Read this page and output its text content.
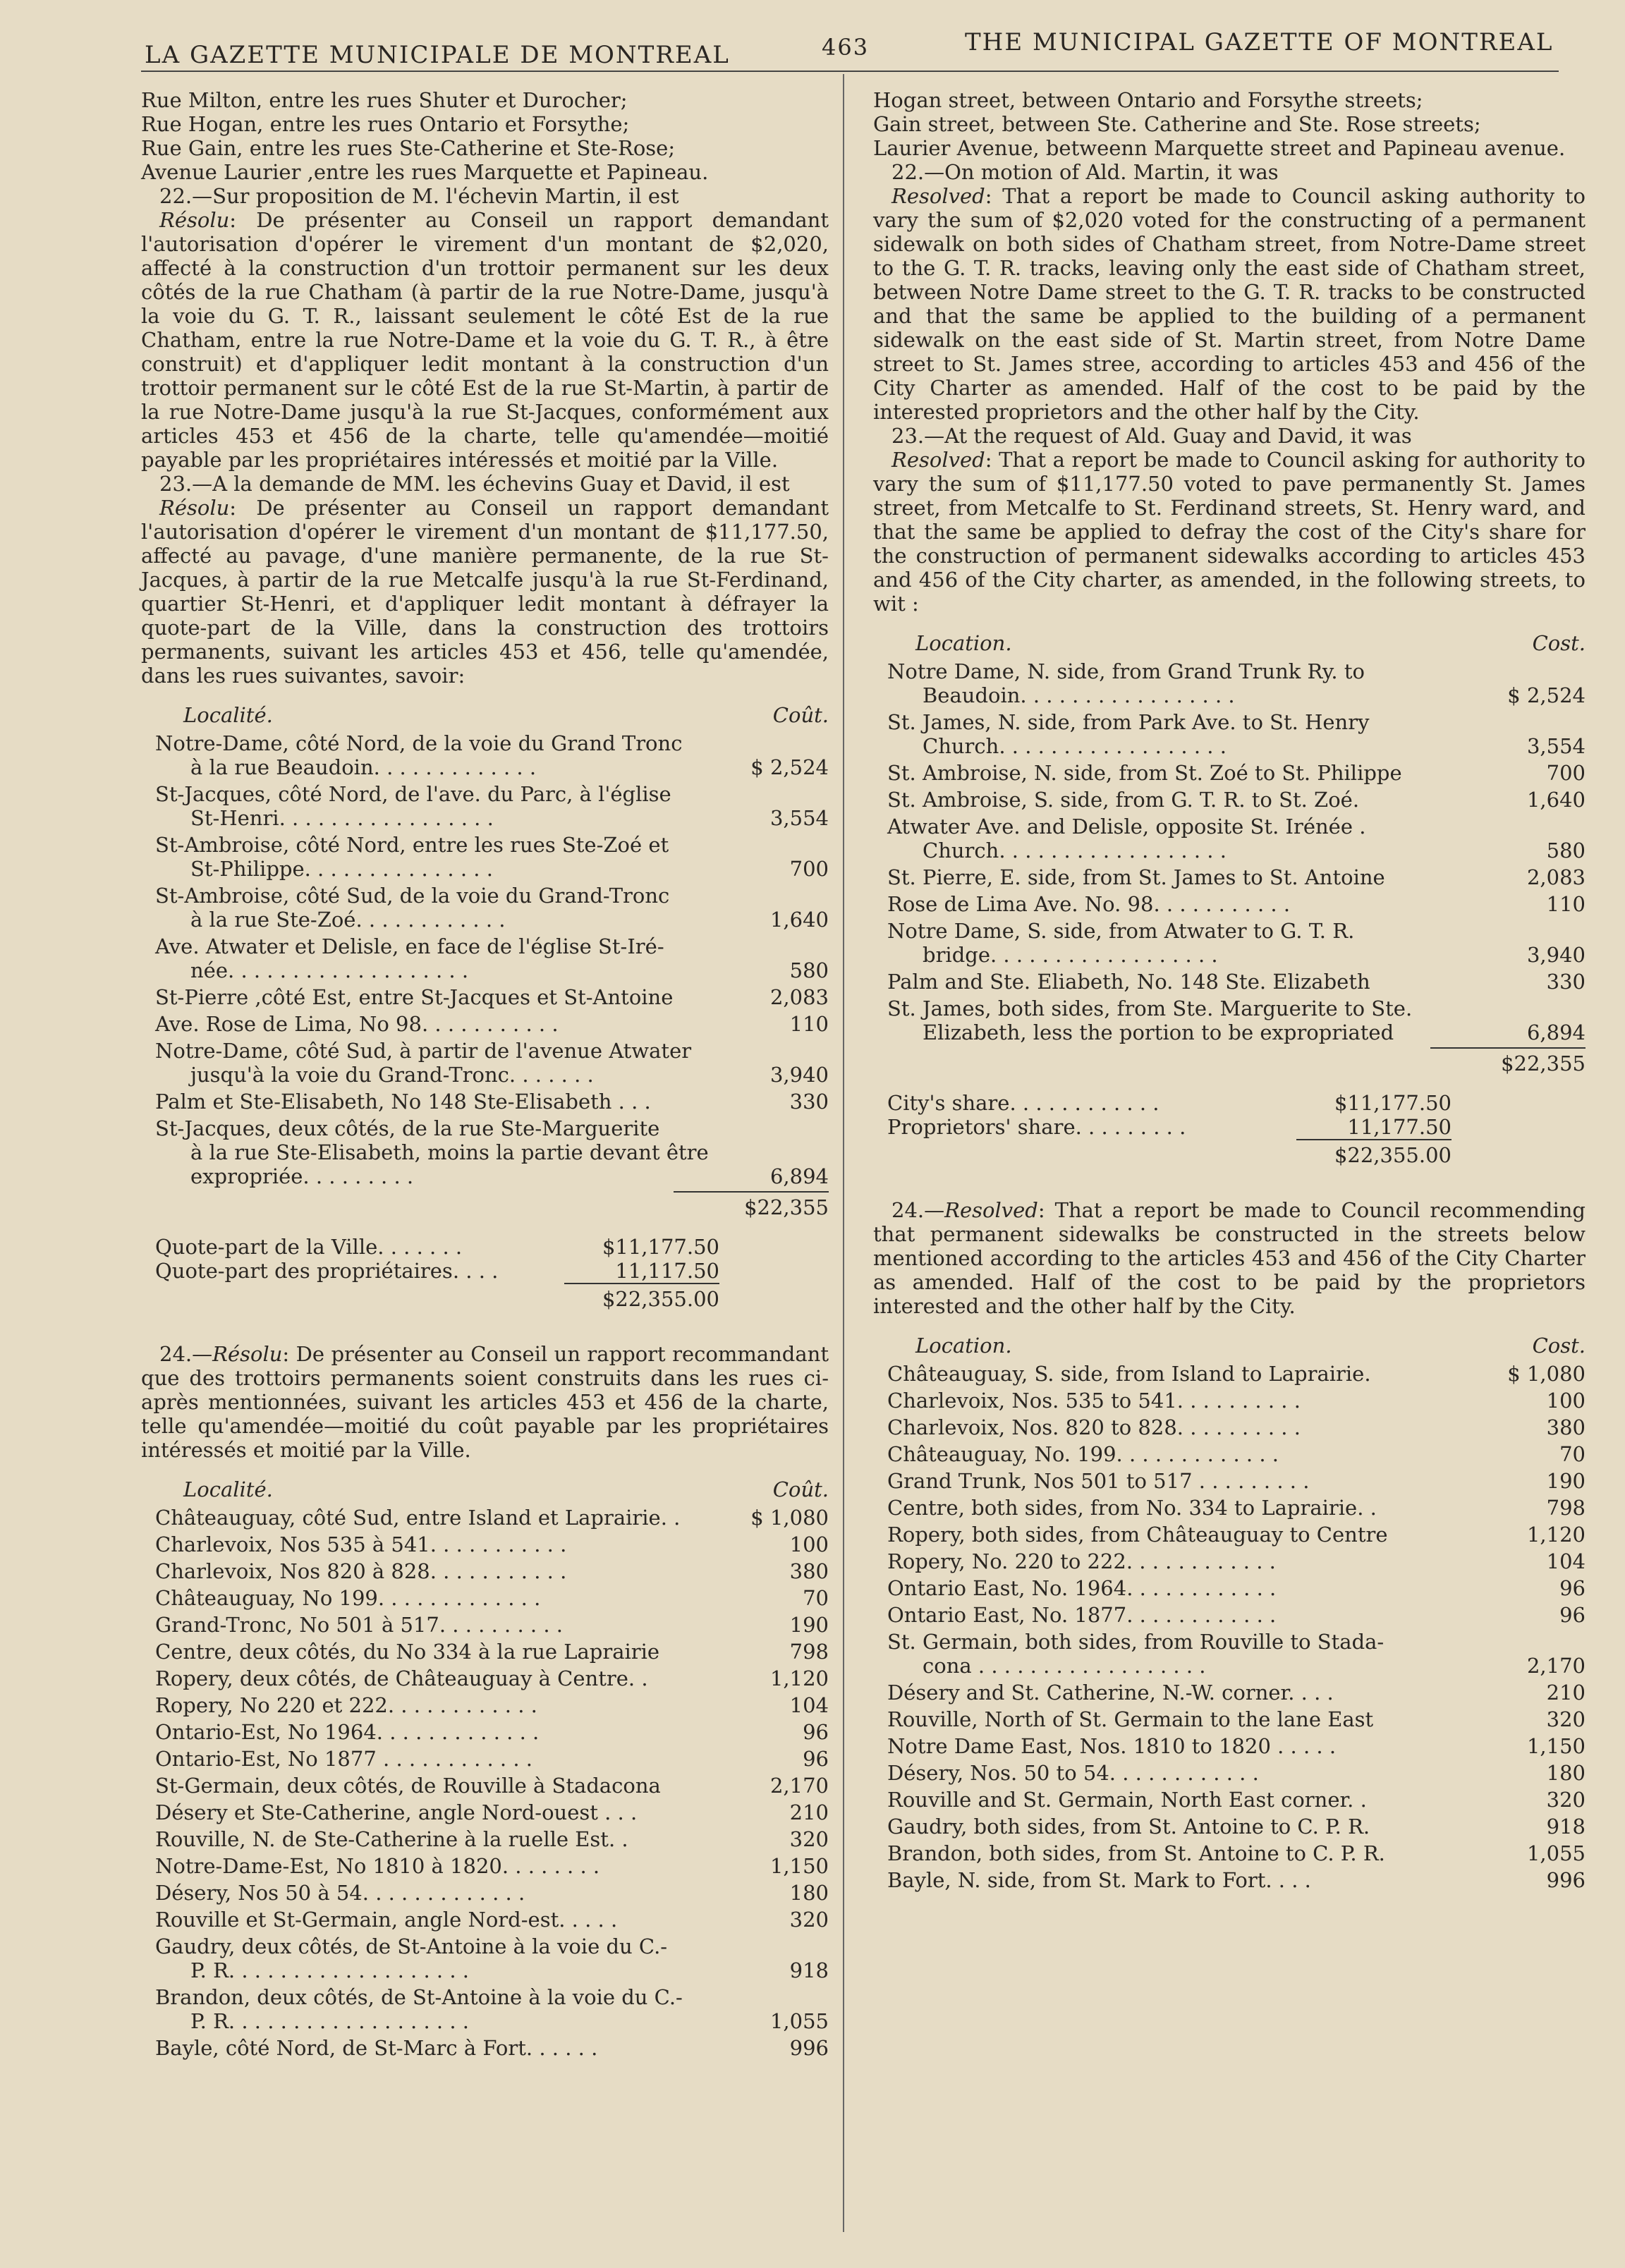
LA GAZETTE MUNICIPALE DE MONTREAL	463	THE MUNICIPAL GAZETTE OF MONTREAL

Rue Milton, entre les rues Shuter et Durocher;

Rue Hogan, entre les rues Ontario et Forsythe;

Rue Gain, entre les rues Ste-Catherine et Ste-Rose;

Avenue Laurier ,entre les rues Marquette et Papineau.

22.—Sur proposition de M. l'échevin Martin, il est

Résolu: De présenter au Conseil un rapport demandant l'autorisation d'opérer le virement d'un montant de $2,020, affecté à la construction d'un trottoir permanent sur les deux côtés de la rue Chatham (à partir de la rue Notre-Dame, jusqu'à la voie du G. T. R., laissant seulement le côté Est de la rue Chatham, entre la rue Notre-Dame et la voie du G. T. R., à être construit) et d'appliquer ledit montant à la construction d'un trottoir permanent sur le côté Est de la rue St-Martin, à partir de la rue Notre-Dame jusqu'à la rue St-Jacques, conformément aux articles 453 et 456 de la charte, telle qu'amendée—moitié payable par les propriétaires intéressés et moitié par la Ville.

23.—A la demande de MM. les échevins Guay et David, il est

Résolu: De présenter au Conseil un rapport demandant l'autorisation d'opérer le virement d'un montant de $11,177.50, affecté au pavage, d'une manière permanente, de la rue St-Jacques, à partir de la rue Metcalfe jusqu'à la rue St-Ferdinand, quartier St-Henri, et d'appliquer ledit montant à défrayer la quote-part de la Ville, dans la construction des trottoirs permanents, suivant les articles 453 et 456, telle qu'amendée, dans les rues suivantes, savoir:

Localité.	Coût.
Notre-Dame, côté Nord, de la voie du Grand Tronc
à la rue Beaudoin. . . . . . . . . . . . .	$ 2,524
St-Jacques, côté Nord, de l'ave. du Parc, à l'église
St-Henri. . . . . . . . . . . . . . . . .	3,554
St-Ambroise, côté Nord, entre les rues Ste-Zoé et
St-Philippe. . . . . . . . . . . . . . .	700
St-Ambroise, côté Sud, de la voie du Grand-Tronc
à la rue Ste-Zoé. . . . . . . . . . . .	1,640
Ave. Atwater et Delisle, en face de l'église St-Iré-
née. . . . . . . . . . . . . . . . . . .	580
St-Pierre ,côté Est, entre St-Jacques et St-Antoine	2,083
Ave. Rose de Lima, No 98. . . . . . . . . . .	110
Notre-Dame, côté Sud, à partir de l'avenue Atwater
jusqu'à la voie du Grand-Tronc. . . . . . .	3,940
Palm et Ste-Elisabeth, No 148 Ste-Elisabeth . . .	330
St-Jacques, deux côtés, de la rue Ste-Marguerite
à la rue Ste-Elisabeth, moins la partie devant être expropriée. . . . . . . . .	6,894
$22,355
Quote-part de la Ville. . . . . . .	$11,177.50
Quote-part des propriétaires. . . .	11,117.50
$22,355.00

24.—Résolu: De présenter au Conseil un rapport recommandant que des trottoirs permanents soient construits dans les rues ci-après mentionnées, suivant les articles 453 et 456 de la charte, telle qu'amendée—moitié du coût payable par les propriétaires intéressés et moitié par la Ville.

Localité.	Coût.
Châteauguay, côté Sud, entre Island et Laprairie. .	$ 1,080
Charlevoix, Nos 535 à 541. . . . . . . . . . .	100
Charlevoix, Nos 820 à 828. . . . . . . . . . .	380
Châteauguay, No 199. . . . . . . . . . . . .	70
Grand-Tronc, No 501 à 517. . . . . . . . . .	190
Centre, deux côtés, du No 334 à la rue Laprairie	798
Ropery, deux côtés, de Châteauguay à Centre. .	1,120
Ropery, No 220 et 222. . . . . . . . . . . .	104
Ontario-Est, No 1964. . . . . . . . . . . . .	96
Ontario-Est, No 1877 . . . . . . . . . . . .	96
St-Germain, deux côtés, de Rouville à Stadacona	2,170
Désery et Ste-Catherine, angle Nord-ouest . . .	210
Rouville, N. de Ste-Catherine à la ruelle Est. .	320
Notre-Dame-Est, No 1810 à 1820. . . . . . . .	1,150
Désery, Nos 50 à 54. . . . . . . . . . . . .	180
Rouville et St-Germain, angle Nord-est. . . . .	320
Gaudry, deux côtés, de St-Antoine à la voie du C.-
P. R. . . . . . . . . . . . . . . . . . .	918
Brandon, deux côtés, de St-Antoine à la voie du C.-
P. R. . . . . . . . . . . . . . . . . . .	1,055
Bayle, côté Nord, de St-Marc à Fort. . . . . .	996

Hogan street, between Ontario and Forsythe streets;

Gain street, between Ste. Catherine and Ste. Rose streets;

Laurier Avenue, betweenn Marquette street and Papineau avenue.

22.—On motion of Ald. Martin, it was

Resolved: That a report be made to Council asking authority to vary the sum of $2,020 voted for the constructing of a permanent sidewalk on both sides of Chatham street, from Notre-Dame street to the G. T. R. tracks, leaving only the east side of Chatham street, between Notre Dame street to the G. T. R. tracks to be constructed and that the same be applied to the building of a permanent sidewalk on the east side of St. Martin street, from Notre Dame street to St. James stree, according to articles 453 and 456 of the City Charter as amended. Half of the cost to be paid by the interested proprietors and the other half by the City.

23.—At the request of Ald. Guay and David, it was

Resolved: That a report be made to Council asking for authority to vary the sum of $11,177.50 voted to pave permanently St. James street, from Metcalfe to St. Ferdinand streets, St. Henry ward, and that the same be applied to defray the cost of the City's share for the construction of permanent sidewalks according to articles 453 and 456 of the City charter, as amended, in the following streets, to wit :

Location.	Cost.
Notre Dame, N. side, from Grand Trunk Ry. to
Beaudoin. . . . . . . . . . . . . . . . .	$ 2,524
St. James, N. side, from Park Ave. to St. Henry
Church. . . . . . . . . . . . . . . . . .	3,554
St. Ambroise, N. side, from St. Zoé to St. Philippe	700
St. Ambroise, S. side, from G. T. R. to St. Zoé.	1,640
Atwater Ave. and Delisle, opposite St. Irénée .
Church. . . . . . . . . . . . . . . . . .	580
St. Pierre, E. side, from St. James to St. Antoine	2,083
Rose de Lima Ave. No. 98. . . . . . . . . . .	110
Notre Dame, S. side, from Atwater to G. T. R.
bridge. . . . . . . . . . . . . . . . . .	3,940
Palm and Ste. Eliabeth, No. 148 Ste. Elizabeth	330
St. James, both sides, from Ste. Marguerite to Ste.
Elizabeth, less the portion to be expropriated	6,894
$22,355
City's share. . . . . . . . . . . .	$11,177.50
Proprietors' share. . . . . . . . .	11,177.50
$22,355.00

24.—Resolved: That a report be made to Council recommending that permanent sidewalks be constructed in the streets below mentioned according to the articles 453 and 456 of the City Charter as amended. Half of the cost to be paid by the proprietors interested and the other half by the City.

Location.	Cost.
Châteauguay, S. side, from Island to Laprairie.	$ 1,080
Charlevoix, Nos. 535 to 541. . . . . . . . . .	100
Charlevoix, Nos. 820 to 828. . . . . . . . . .	380
Châteauguay, No. 199. . . . . . . . . . . . .	70
Grand Trunk, Nos 501 to 517 . . . . . . . . .	190
Centre, both sides, from No. 334 to Laprairie. .	798
Ropery, both sides, from Châteauguay to Centre	1,120
Ropery, No. 220 to 222. . . . . . . . . . . .	104
Ontario East, No. 1964. . . . . . . . . . . .	96
Ontario East, No. 1877. . . . . . . . . . . .	96
St. Germain, both sides, from Rouville to Stada-
cona . . . . . . . . . . . . . . . . . .	2,170
Désery and St. Catherine, N.-W. corner. . . .	210
Rouville, North of St. Germain to the lane East	320
Notre Dame East, Nos. 1810 to 1820 . . . . .	1,150
Désery, Nos. 50 to 54. . . . . . . . . . . .	180
Rouville and St. Germain, North East corner. .	320
Gaudry, both sides, from St. Antoine to C. P. R.	918
Brandon, both sides, from St. Antoine to C. P. R.	1,055
Bayle, N. side, from St. Mark to Fort. . . .	996
